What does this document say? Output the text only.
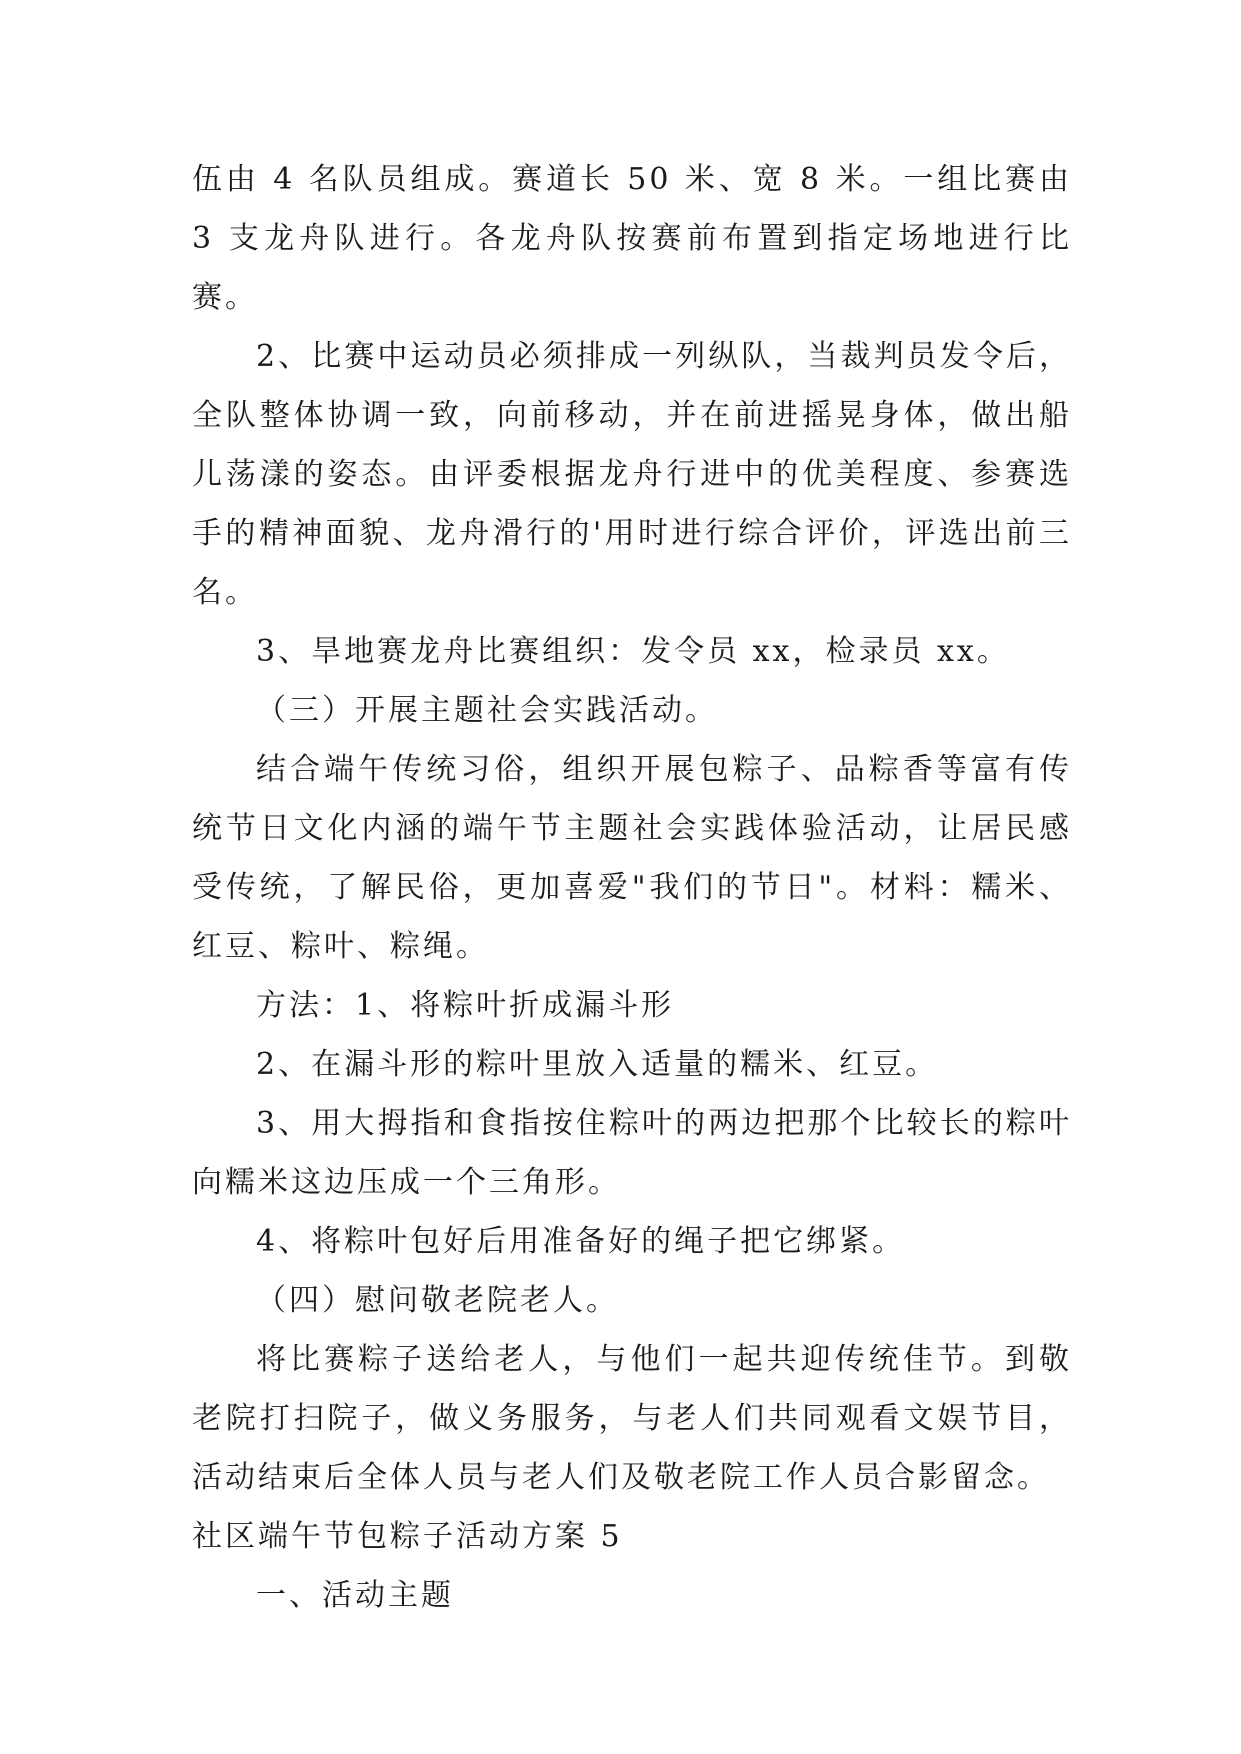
伍由 4 名队员组成。赛道长 50 米、宽 8 米。一组比赛由 3 支龙舟队进行。各龙舟队按赛前布置到指定场地进行比赛。

2、比赛中运动员必须排成一列纵队，当裁判员发令后，全队整体协调一致，向前移动，并在前进摇晃身体，做出船儿荡漾的姿态。由评委根据龙舟行进中的优美程度、参赛选手的精神面貌、龙舟滑行的'用时进行综合评价，评选出前三名。

3、旱地赛龙舟比赛组织：发令员 xx，检录员 xx。

（三）开展主题社会实践活动。

结合端午传统习俗，组织开展包粽子、品粽香等富有传统节日文化内涵的端午节主题社会实践体验活动，让居民感受传统，了解民俗，更加喜爱"我们的节日"。材料：糯米、红豆、粽叶、粽绳。

方法：1、将粽叶折成漏斗形

2、在漏斗形的粽叶里放入适量的糯米、红豆。

3、用大拇指和食指按住粽叶的两边把那个比较长的粽叶向糯米这边压成一个三角形。

4、将粽叶包好后用准备好的绳子把它绑紧。

（四）慰问敬老院老人。

将比赛粽子送给老人，与他们一起共迎传统佳节。到敬老院打扫院子，做义务服务，与老人们共同观看文娱节目，活动结束后全体人员与老人们及敬老院工作人员合影留念。

社区端午节包粽子活动方案 5

一、活动主题
